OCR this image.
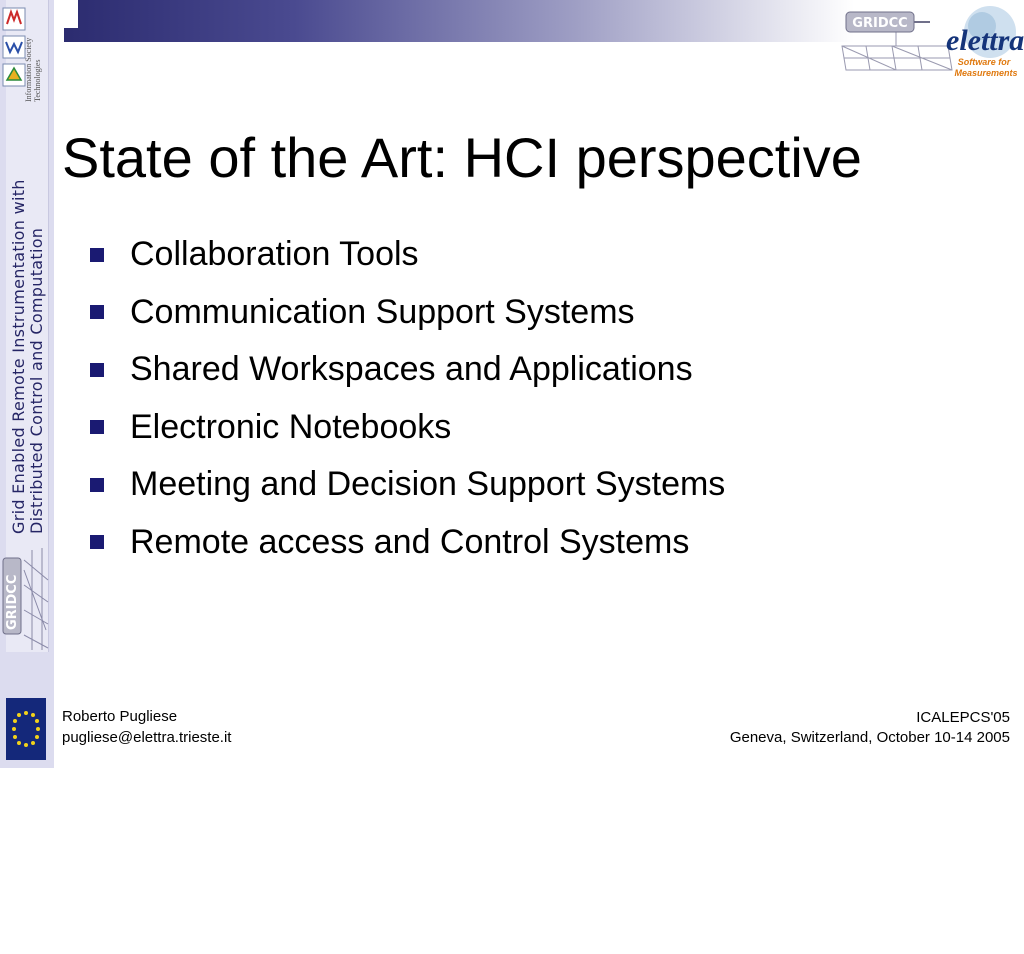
Information Society Technologies
Grid Enabled Remote Instrumentation with Distributed Control and Computation
GRIDCC
GRIDCC
elettra
Software for
Measurements
State of the Art: HCI perspective
Collaboration Tools
Communication Support Systems
Shared Workspaces and Applications
Electronic Notebooks
Meeting and Decision Support Systems
Remote access and Control Systems
Roberto Pugliese
pugliese@elettra.trieste.it
ICALEPCS'05
Geneva, Switzerland, October 10-14 2005
